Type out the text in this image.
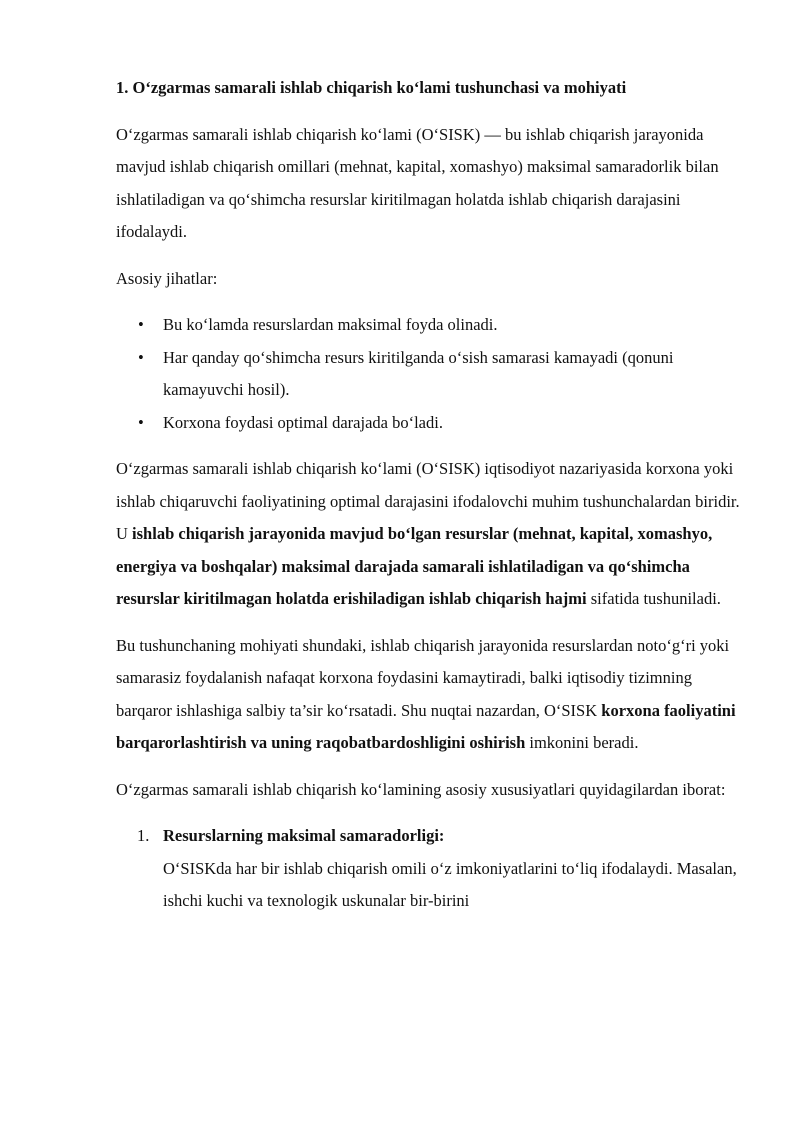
1. O‘zgarmas samarali ishlab chiqarish ko‘lami tushunchasi va mohiyati

O‘zgarmas samarali ishlab chiqarish ko‘lami (O‘SISK) — bu ishlab chiqarish jarayonida mavjud ishlab chiqarish omillari (mehnat, kapital, xomashyo) maksimal samaradorlik bilan ishlatiladigan va qo‘shimcha resurslar kiritilmagan holatda ishlab chiqarish darajasini ifodalaydi.

Asosiy jihatlar:

• Bu ko‘lamda resurslardan maksimal foyda olinadi.
• Har qanday qo‘shimcha resurs kiritilganda o‘sish samarasi kamayadi (qonuni kamayuvchi hosil).
• Korxona foydasi optimal darajada bo‘ladi.

O‘zgarmas samarali ishlab chiqarish ko‘lami (O‘SISK) iqtisodiyot nazariyasida korxona yoki ishlab chiqaruvchi faoliyatining optimal darajasini ifodalovchi muhim tushunchalardan biridir. U ishlab chiqarish jarayonida mavjud bo‘lgan resurslar (mehnat, kapital, xomashyo, energiya va boshqalar) maksimal darajada samarali ishlatiladigan va qo‘shimcha resurslar kiritilmagan holatda erishiladigan ishlab chiqarish hajmi sifatida tushuniladi.

Bu tushunchaning mohiyati shundaki, ishlab chiqarish jarayonida resurslardan noto‘g‘ri yoki samarasiz foydalanish nafaqat korxona foydasini kamaytiradi, balki iqtisodiy tizimning barqaror ishlashiga salbiy ta’sir ko‘rsatadi. Shu nuqtai nazardan, O‘SISK korxona faoliyatini barqarorlashtirish va uning raqobatbardoshligini oshirish imkonini beradi.

O‘zgarmas samarali ishlab chiqarish ko‘lamining asosiy xususiyatlari quyidagilardan iborat:

1. Resurslarning maksimal samaradorligi:
O‘SISKda har bir ishlab chiqarish omili o‘z imkoniyatlarini to‘liq ifodalaydi. Masalan, ishchi kuchi va texnologik uskunalar bir-birini
